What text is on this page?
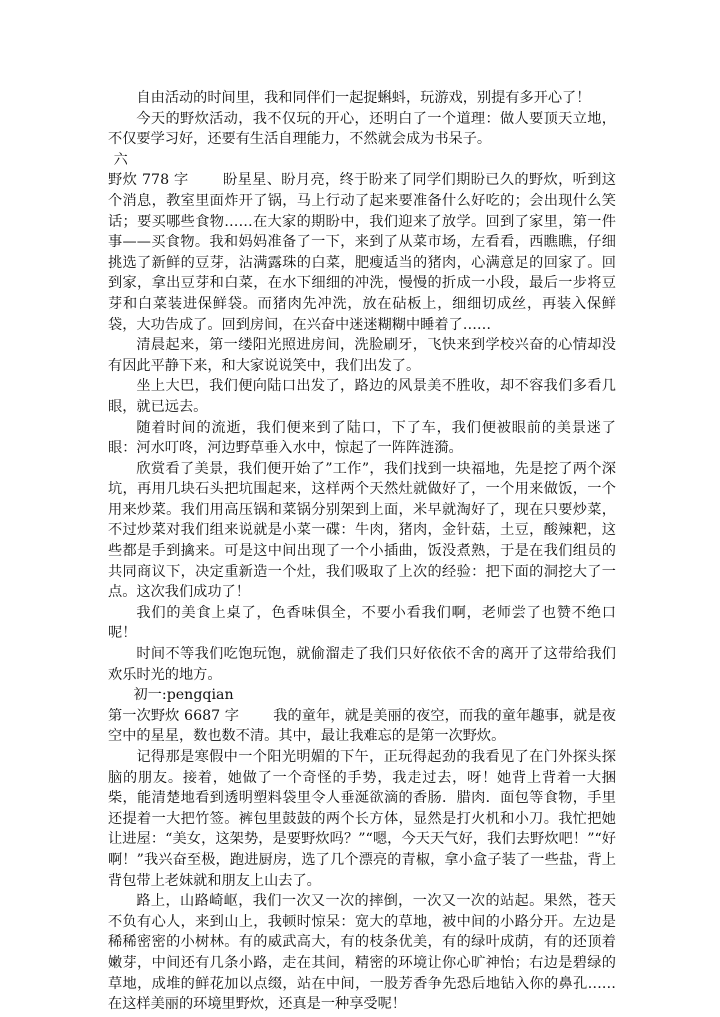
自由活动的时间里，我和同伴们一起捉蝌蚪，玩游戏，别提有多开心了！

今天的野炊活动，我不仅玩的开心，还明白了一个道理：做人要顶天立地，不仅要学习好，还要有生活自理能力，不然就会成为书呆子。

六

野炊 778 字 盼星星、盼月亮，终于盼来了同学们期盼已久的野炊，听到这个消息，教室里面炸开了锅，马上行动了起来要准备什么好吃的；会出现什么笑话；要买哪些食物……在大家的期盼中，我们迎来了放学。回到了家里，第一件事——买食物。我和妈妈准备了一下，来到了从菜市场，左看看，西瞧瞧，仔细挑选了新鲜的豆芽，沾满露珠的白菜，肥瘦适当的猪肉，心满意足的回家了。回到家，拿出豆芽和白菜，在水下细细的冲洗，慢慢的折成一小段，最后一步将豆芽和白菜装进保鲜袋。而猪肉先冲洗，放在砧板上，细细切成丝，再装入保鲜袋，大功告成了。回到房间，在兴奋中迷迷糊糊中睡着了……

清晨起来，第一缕阳光照进房间，洗脸刷牙，飞快来到学校兴奋的心情却没有因此平静下来，和大家说说笑中，我们出发了。

坐上大巴，我们便向陆口出发了，路边的风景美不胜收，却不容我们多看几眼，就已远去。

随着时间的流逝，我们便来到了陆口，下了车，我们便被眼前的美景迷了眼：河水叮咚，河边野草垂入水中，惊起了一阵阵涟漪。

欣赏看了美景，我们便开始了”工作”，我们找到一块福地，先是挖了两个深坑，再用几块石头把坑围起来，这样两个天然灶就做好了，一个用来做饭，一个用来炒菜。我们用高压锅和菜锅分别架到上面，米早就淘好了，现在只要炒菜，不过炒菜对我们组来说就是小菜一碟：牛肉，猪肉，金针菇，土豆，酸辣粑，这些都是手到擒来。可是这中间出现了一个小插曲，饭没煮熟，于是在我们组员的共同商议下，决定重新造一个灶，我们吸取了上次的经验：把下面的洞挖大了一点。这次我们成功了！

我们的美食上桌了，色香味俱全，不要小看我们啊，老师尝了也赞不绝口呢！

时间不等我们吃饱玩饱，就偷溜走了我们只好依依不舍的离开了这带给我们欢乐时光的地方。

初一:pengqian

第一次野炊 6687 字 我的童年，就是美丽的夜空，而我的童年趣事，就是夜空中的星星，数也数不清。其中，最让我难忘的是第一次野炊。

记得那是寒假中一个阳光明媚的下午，正玩得起劲的我看见了在门外探头探脑的朋友。接着，她做了一个奇怪的手势，我走过去，呀！她背上背着一大捆柴，能清楚地看到透明塑料袋里令人垂涎欲滴的香肠．腊肉．面包等食物，手里还提着一大把竹签。裤包里鼓鼓的两个长方体，显然是打火机和小刀。我忙把她让进屋：“美女，这架势，是要野炊吗？”“嗯，今天天气好，我们去野炊吧！”“好啊！”我兴奋至极，跑进厨房，选了几个漂亮的青椒，拿小盒子装了一些盐，背上背包带上老妹就和朋友上山去了。

路上，山路崎岖，我们一次又一次的摔倒，一次又一次的站起。果然，苍天不负有心人，来到山上，我顿时惊呆：宽大的草地，被中间的小路分开。左边是稀稀密密的小树林。有的威武高大，有的枝条优美，有的绿叶成荫，有的还顶着嫩芽，中间还有几条小路，走在其间，精密的环境让你心旷神怡；右边是碧绿的草地，成堆的鲜花加以点缀，站在中间，一股芳香争先恐后地钻入你的鼻孔……在这样美丽的环境里野炊，还真是一种享受呢！
